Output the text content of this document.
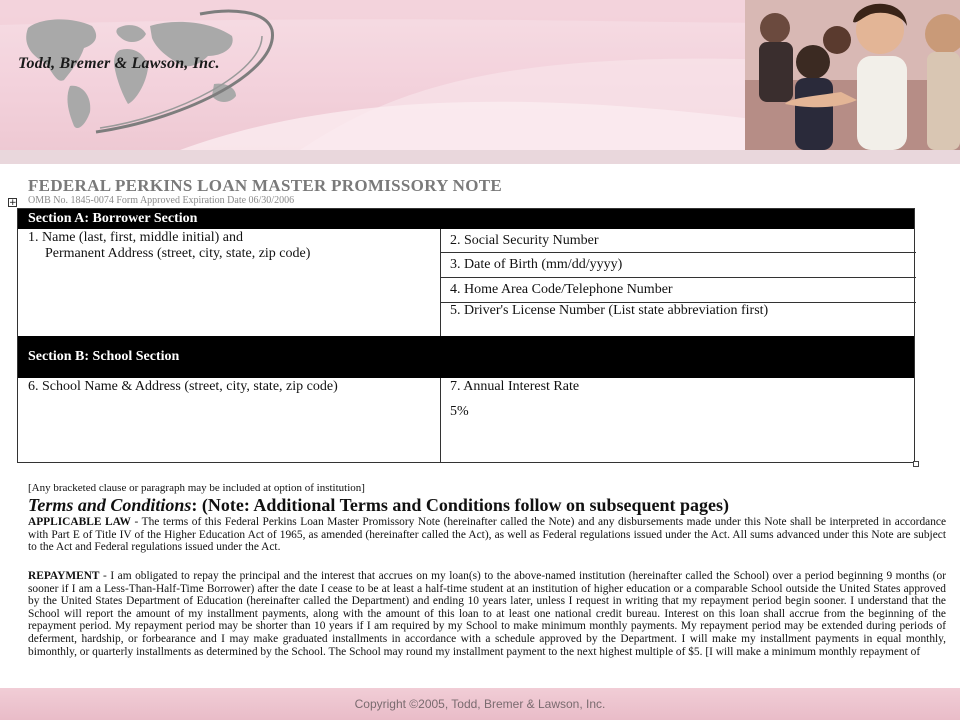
Todd, Bremer & Lawson, Inc.
FEDERAL PERKINS LOAN MASTER PROMISSORY NOTE
OMB No. 1845-0074 Form Approved Expiration Date 06/30/2006
+
Section A: Borrower Section
1. Name (last, first, middle initial) and
Permanent Address (street, city, state, zip code)
2. Social Security Number
3. Date of Birth (mm/dd/yyyy)
4. Home Area Code/Telephone Number
5. Driver's License Number (List state abbreviation first)
Section B: School Section
6. School Name & Address (street, city, state, zip code)	7. Annual Interest Rate
5%
[Any bracketed clause or paragraph may be included at option of institution]
Terms and Conditions: (Note: Additional Terms and Conditions follow on subsequent pages)
APPLICABLE LAW - The terms of this Federal Perkins Loan Master Promissory Note (hereinafter called the Note) and any disbursements made under this Note shall be interpreted in accordance with Part E of Title IV of the Higher Education Act of 1965, as amended (hereinafter called the Act), as well as Federal regulations issued under the Act. All sums advanced under this Note are subject to the Act and Federal regulations issued under the Act.
REPAYMENT - I am obligated to repay the principal and the interest that accrues on my loan(s) to the above-named institution (hereinafter called the School) over a period beginning 9 months (or sooner if I am a Less-Than-Half-Time Borrower) after the date I cease to be at least a half-time student at an institution of higher education or a comparable School outside the United States approved by the United States Department of Education (hereinafter called the Department) and ending 10 years later, unless I request in writing that my repayment period begin sooner. I understand that the School will report the amount of my installment payments, along with the amount of this loan to at least one national credit bureau. Interest on this loan shall accrue from the beginning of the repayment period. My repayment period may be shorter than 10 years if I am required by my School to make minimum monthly payments. My repayment period may be extended during periods of deferment, hardship, or forbearance and I may make graduated installments in accordance with a schedule approved by the Department. I will make my installment payments in equal monthly, bimonthly, or quarterly installments as determined by the School. The School may round my installment payment to the next highest multiple of $5. [I will make a minimum monthly repayment of
Copyright ©2005, Todd, Bremer & Lawson, Inc.
